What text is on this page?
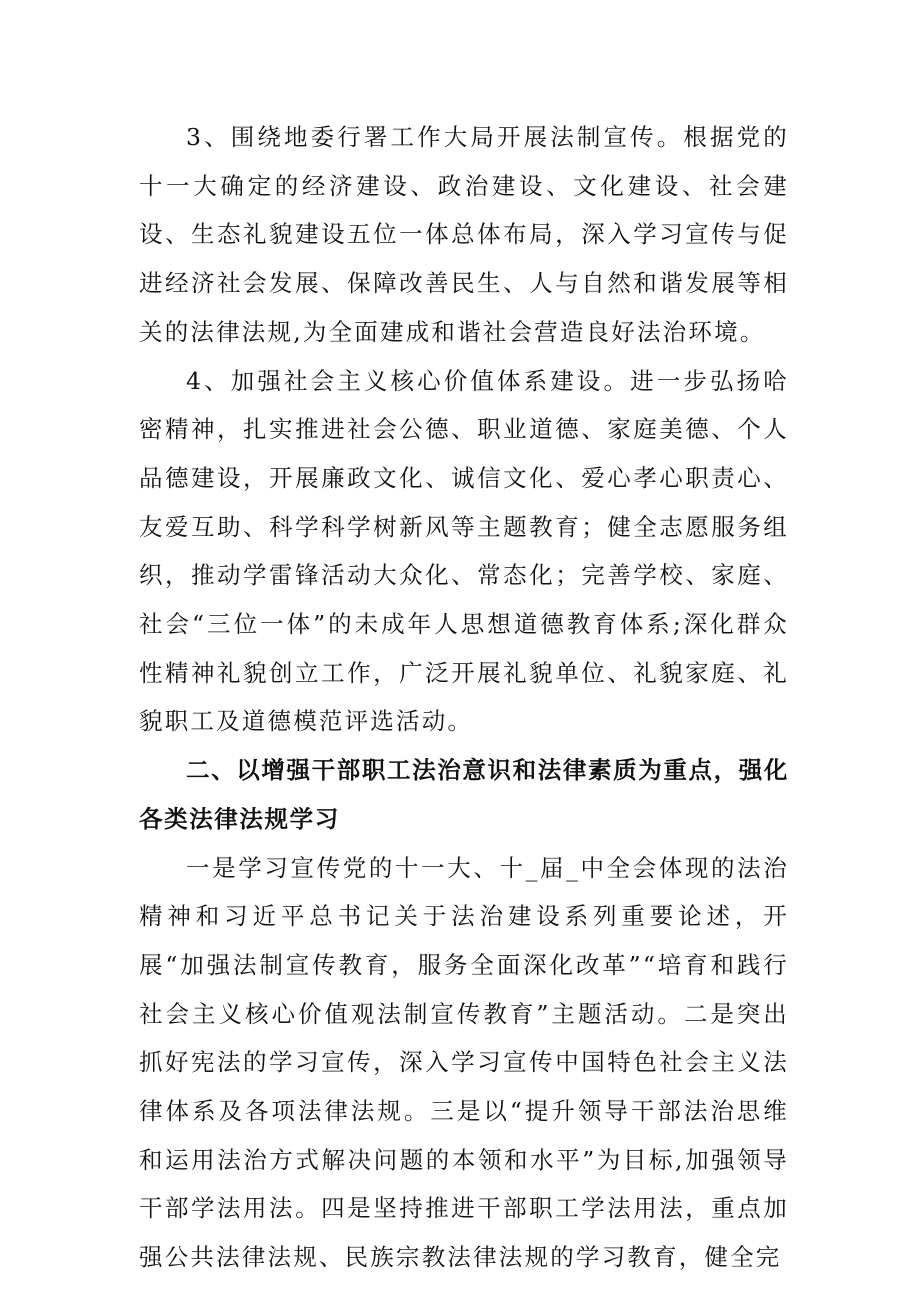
3、围绕地委行署工作大局开展法制宣传。根据党的十一大确定的经济建设、政治建设、文化建设、社会建设、生态礼貌建设五位一体总体布局，深入学习宣传与促进经济社会发展、保障改善民生、人与自然和谐发展等相关的法律法规,为全面建成和谐社会营造良好法治环境。

4、加强社会主义核心价值体系建设。进一步弘扬哈密精神，扎实推进社会公德、职业道德、家庭美德、个人品德建设，开展廉政文化、诚信文化、爱心孝心职责心、友爱互助、科学科学树新风等主题教育；健全志愿服务组织，推动学雷锋活动大众化、常态化；完善学校、家庭、社会“三位一体”的未成年人思想道德教育体系;深化群众性精神礼貌创立工作，广泛开展礼貌单位、礼貌家庭、礼貌职工及道德模范评选活动。

二、以增强干部职工法治意识和法律素质为重点，强化各类法律法规学习

一是学习宣传党的十一大、十_届_中全会体现的法治精神和习近平总书记关于法治建设系列重要论述，开展“加强法制宣传教育，服务全面深化改革”“培育和践行社会主义核心价值观法制宣传教育”主题活动。二是突出抓好宪法的学习宣传，深入学习宣传中国特色社会主义法律体系及各项法律法规。三是以“提升领导干部法治思维和运用法治方式解决问题的本领和水平”为目标,加强领导干部学法用法。四是坚持推进干部职工学法用法，重点加强公共法律法规、民族宗教法律法规的学习教育，健全完
